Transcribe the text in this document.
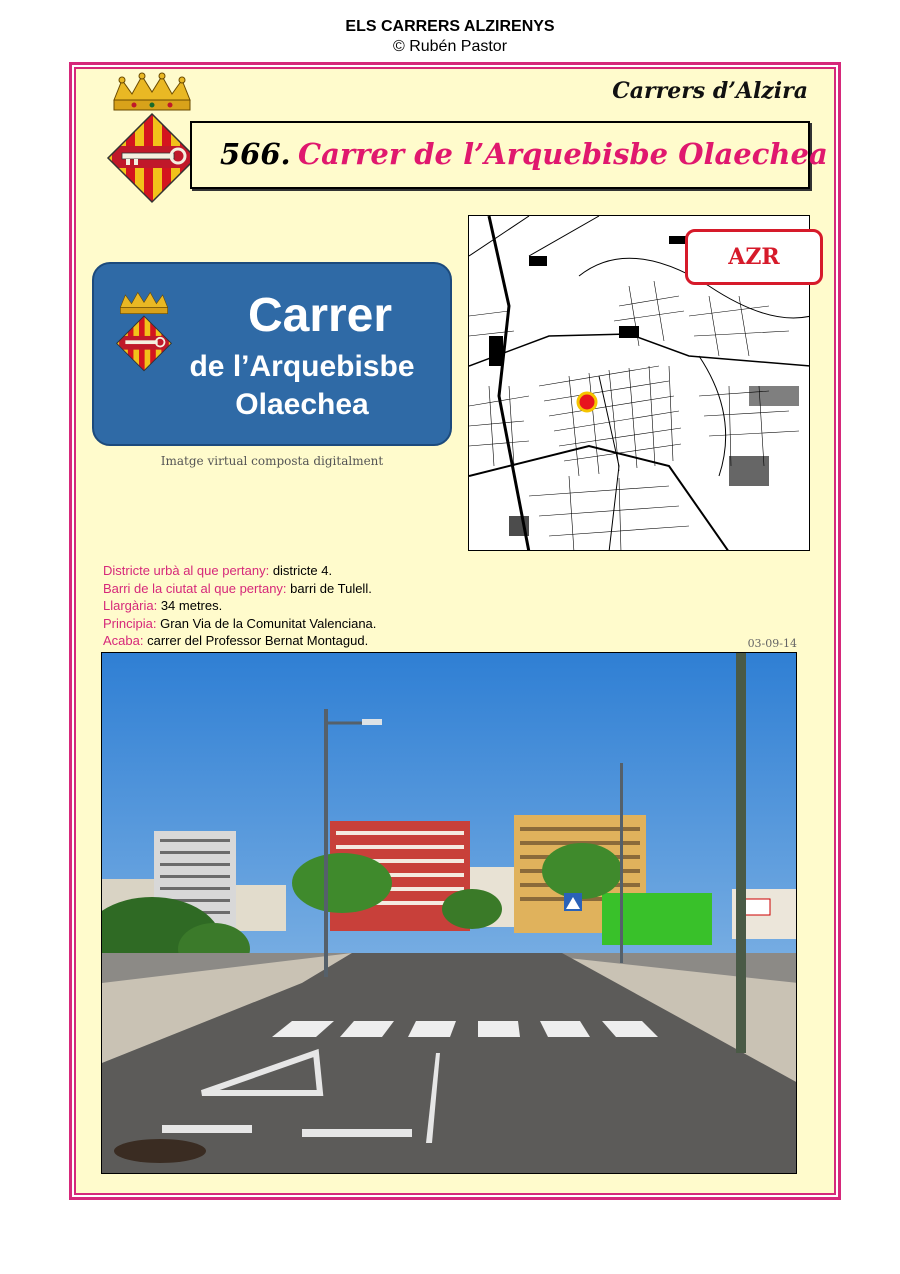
ELS CARRERS ALZIRENYS
© Rubén Pastor
Carrers d’Alzira
566. Carrer de l’Arquebisbe Olaechea
Carrer
de l’Arquebisbe
Olaechea
Imatge virtual composta digitalment
AZR
Districte urbà al que pertany: districte 4.
Barri de la ciutat al que pertany: barri de Tulell.
Llargària: 34 metres.
Principia: Gran Via de la Comunitat Valenciana.
Acaba: carrer del Professor Bernat Montagud.	03-09-14
